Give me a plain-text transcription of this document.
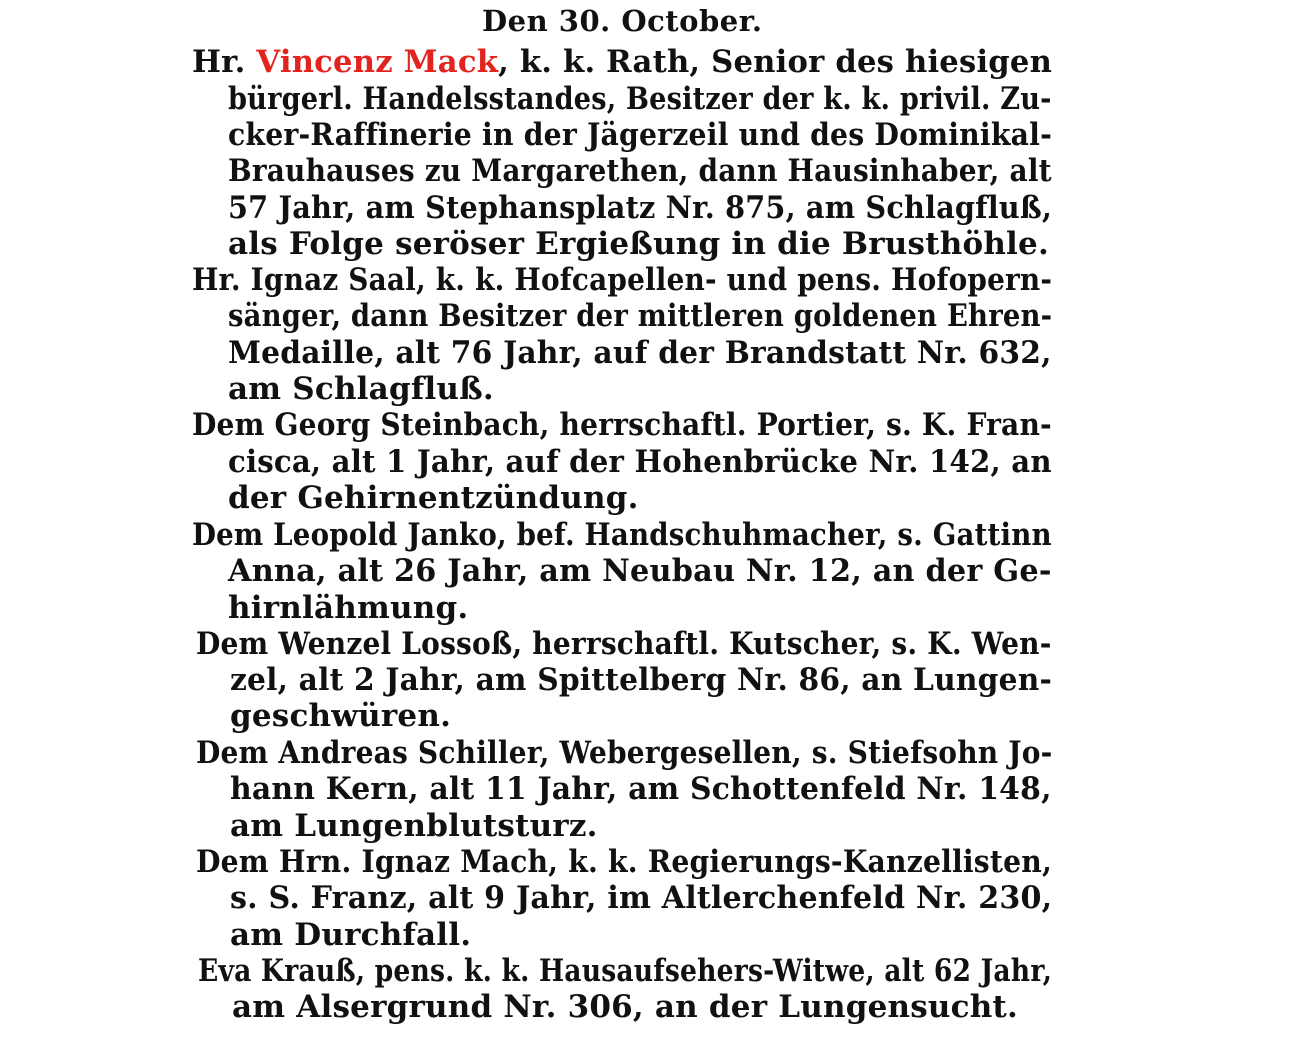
Den 30. October.
Hr. Vincenz Mack, k. k. Rath, Senior des hiesigen
bürgerl. Handelsstandes, Besitzer der k. k. privil. Zu-
cker-Raffinerie in der Jägerzeil und des Dominikal-
Brauhauses zu Margarethen, dann Hausinhaber, alt
57 Jahr, am Stephansplatz Nr. 875, am Schlagfluß,
als Folge seröser Ergießung in die Brusthöhle.
Hr. Ignaz Saal, k. k. Hofcapellen- und pens. Hofopern-
sänger, dann Besitzer der mittleren goldenen Ehren-
Medaille, alt 76 Jahr, auf der Brandstatt Nr. 632,
am Schlagfluß.
Dem Georg Steinbach, herrschaftl. Portier, s. K. Fran-
cisca, alt 1 Jahr, auf der Hohenbrücke Nr. 142, an
der Gehirnentzündung.
Dem Leopold Janko, bef. Handschuhmacher, s. Gattinn
Anna, alt 26 Jahr, am Neubau Nr. 12, an der Ge-
hirnlähmung.
Dem Wenzel Lossoß, herrschaftl. Kutscher, s. K. Wen-
zel, alt 2 Jahr, am Spittelberg Nr. 86, an Lungen-
geschwüren.
Dem Andreas Schiller, Webergesellen, s. Stiefsohn Jo-
hann Kern, alt 11 Jahr, am Schottenfeld Nr. 148,
am Lungenblutsturz.
Dem Hrn. Ignaz Mach, k. k. Regierungs-Kanzellisten,
s. S. Franz, alt 9 Jahr, im Altlerchenfeld Nr. 230,
am Durchfall.
Eva Krauß, pens. k. k. Hausaufsehers-Witwe, alt 62 Jahr,
am Alsergrund Nr. 306, an der Lungensucht.
